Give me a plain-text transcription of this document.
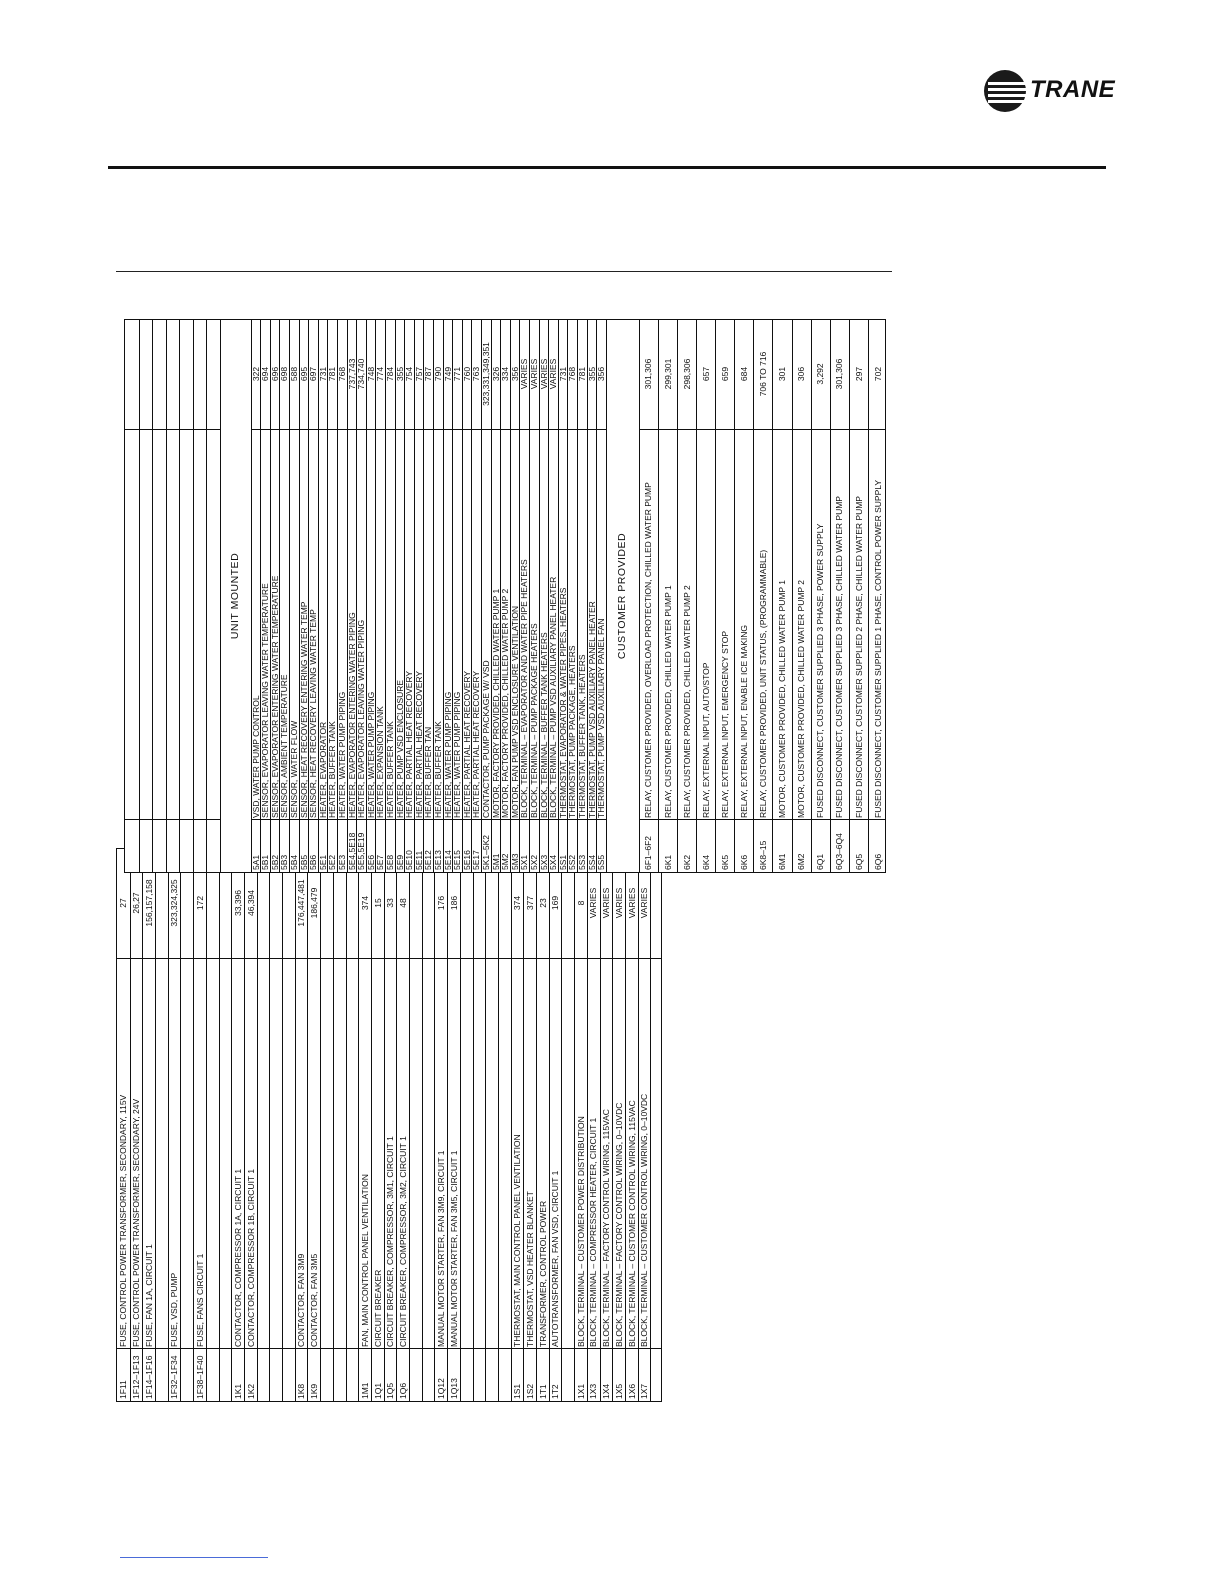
TRANE
1F11
FUSE, CONTROL POWER TRANSFORMER, SECONDARY, 115V
27
1F12–1F13
FUSE, CONTROL POWER TRANSFORMER, SECONDARY, 24V
26,27
1F14–1F16
FUSE, FAN 1A, CIRCUIT 1
156,157,158
1F32–1F34
FUSE, VSD, PUMP
323,324,325
1F38–1F40
FUSE, FANS CIRCUIT 1
172
1K1
CONTACTOR, COMPRESSOR 1A, CIRCUIT 1
33,396
1K2
CONTACTOR, COMPRESSOR 1B, CIRCUIT 1
46,394
1K8
CONTACTOR, FAN 3M9
176,447,481
1K9
CONTACTOR, FAN 3M5
186,479
1M1
FAN, MAIN CONTROL PANEL VENTILATION
374
1Q1
CIRCUIT BREAKER
15
1Q5
CIRCUIT BREAKER, COMPRESSOR, 3M1, CIRCUIT 1
33
1Q6
CIRCUIT BREAKER, COMPRESSOR, 3M2, CIRCUIT 1
48
1Q12
MANUAL MOTOR STARTER, FAN 3M9, CIRCUIT 1
176
1Q13
MANUAL MOTOR STARTER, FAN 3M5, CIRCUIT 1
186
1S1
THERMOSTAT, MAIN CONTROL PANEL VENTILATION
374
1S2
THERMOSTAT, VSD HEATER BLANKET
377
1T1
TRANSFORMER, CONTROL POWER
23
1T2
AUTOTRANSFORMER, FAN VSD, CIRCUIT 1
169
1X1
BLOCK, TERMINAL – CUSTOMER POWER DISTRIBUTION
8
1X3
BLOCK, TERMINAL – COMPRESSOR HEATER, CIRCUIT 1
VARIES
1X4
BLOCK, TERMINAL – FACTORY CONTROL WIRING, 115VAC
VARIES
1X5
BLOCK, TERMINAL – FACTORY CONTROL WIRING, 0–10VDC
VARIES
1X6
BLOCK, TERMINAL – CUSTOMER CONTROL WIRING, 115VAC
VARIES
1X7
BLOCK, TERMINAL – CUSTOMER CONTROL WIRING, 0–10VDC
VARIES
UNIT MOUNTED
5A1
VSD, WATER PUMP CONTROL
322
5B1
SENSOR, EVAPORATOR LEAVING WATER TEMPERATURE
694
5B2
SENSOR, EVAPORATOR ENTERING WATER TEMPERATURE
696
5B3
SENSOR, AMBIENT TEMPERATURE
698
5B4
SENSOR, WATER FLOW
588
5B5
SENSOR, HEAT RECOVERY ENTERING WATER TEMP
695
5B6
SENSOR, HEAT RECOVERY LEAVING WATER TEMP
697
5E1
HEATER, EVAPORATOR
731
5E2
HEATER, BUFFER TANK
781
5E3
HEATER, WATER PUMP PIPING
768
5E4,5E18
HEATER, EVAPORATOR ENTERING WATER PIPING
737,743
5E5,5E19
HEATER, EVAPORATOR LEAVING WATER PIPING
734,740
5E6
HEATER, WATER PUMP PIPING
748
5E7
HEATER, EXPANSION TANK
774
5E8
HEATER, BUFFER TANK
784
5E9
HEATER, PUMP VSD ENCLOSURE
355
5E10
HEATER, PARTIAL HEAT RECOVERY
754
5E11
HEATER, PARTIAL HEAT RECOVERY
757
5E12
HEATER, BUFFER TAN
787
5E13
HEATER, BUFFER TANK
790
5E14
HEATER, WATER PUMP PIPING
749
5E15
HEATER, WATER PUMP PIPING
771
5E16
HEATER, PARTIAL HEAT RECOVERY
760
5E17
HEATER, PARTIAL HEAT RECOVERY
763
5K1–5K2
CONTACTOR, PUMP PACKAGE W/ VSD
323,331,349,351
5M1
MOTOR, FACTORY PROVIDED, CHILLED WATER PUMP 1
326
5M2
MOTOR, FACTORY PROVIDED, CHILLED WATER PUMP 2
334
5M3
MOTOR, FAN PUMP VSD ENCLOSURE VENTILATION
356
5X1
BLOCK, TERMINAL – EVAPORATOR AND WATER PIPE HEATERS
VARIES
5X2
BLOCK, TERMINAL – PUMP PACKAGE HEATERS
VARIES
5X3
BLOCK, TERMINAL – BUFFER TANK HEATERS
VARIES
5X4
BLOCK, TERMINAL – PUMP VSD AUXILIARY PANEL HEATER
VARIES
5S1
THERMOSTAT, EVAPORATOR & WATER PIPES, HEATERS
731
5S2
THERMOSTAT, PUMP PACKAGE, HEATERS
768
5S3
THERMOSTAT, BUFFER TANK, HEATERS
781
5S4
THERMOSTAT, PUMP VSD AUXILIARY PANEL HEATER
355
5S5
THERMOSTAT, PUMP VSD AUXILIARY PANEL FAN
356
CUSTOMER PROVIDED
6F1–6F2
RELAY, CUSTOMER PROVIDED, OVERLOAD PROTECTION, CHILLED WATER PUMP
301,306
6K1
RELAY, CUSTOMER PROVIDED, CHILLED WATER PUMP 1
299,301
6K2
RELAY, CUSTOMER PROVIDED, CHILLED WATER PUMP 2
298,306
6K4
RELAY, EXTERNAL INPUT, AUTO/STOP
657
6K5
RELAY, EXTERNAL INPUT, EMERGENCY STOP
659
6K6
RELAY, EXTERNAL INPUT, ENABLE ICE MAKING
684
6K8–15
RELAY, CUSTOMER PROVIDED, UNIT STATUS, (PROGRAMMABLE)
706 TO 716
6M1
MOTOR, CUSTOMER PROVIDED, CHILLED WATER PUMP 1
301
6M2
MOTOR, CUSTOMER PROVIDED, CHILLED WATER PUMP 2
306
6Q1
FUSED DISCONNECT, CUSTOMER SUPPLIED 3 PHASE, POWER SUPPLY
3,292
6Q3–6Q4
FUSED DISCONNECT, CUSTOMER SUPPLIED 3 PHASE, CHILLED WATER PUMP
301,306
6Q5
FUSED DISCONNECT, CUSTOMER SUPPLIED 2 PHASE, CHILLED WATER PUMP
297
6Q6
FUSED DISCONNECT, CUSTOMER SUPPLIED 1 PHASE, CONTROL POWER SUPPLY
702
